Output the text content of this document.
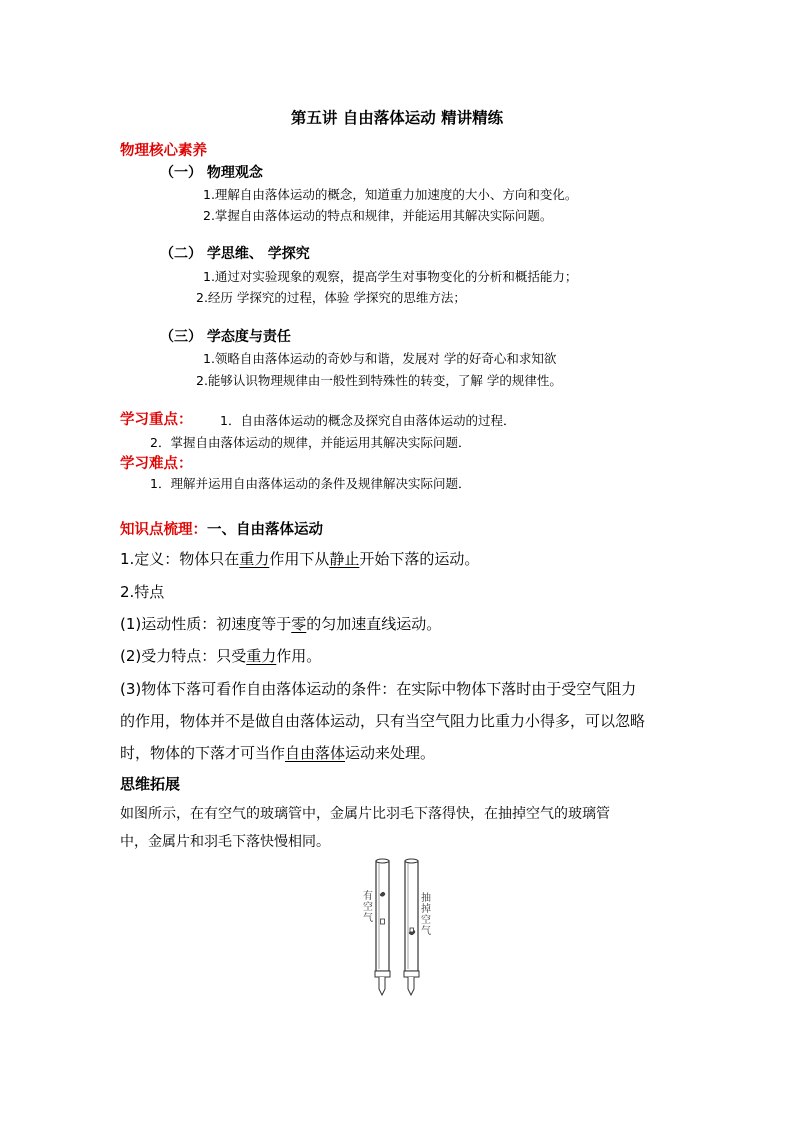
第五讲 自由落体运动 精讲精练
物理核心素养
（一） 物理观念
1.理解自由落体运动的概念，知道重力加速度的大小、方向和变化。
2.掌握自由落体运动的特点和规律，并能运用其解决实际问题。
（二） 学思维、 学探究
1.通过对实验现象的观察，提高学生对事物变化的分析和概括能力；
2.经历 学探究的过程，体验 学探究的思维方法；
（三） 学态度与责任
1.领略自由落体运动的奇妙与和谐，发展对 学的好奇心和求知欲
2.能够认识物理规律由一般性到特殊性的转变，了解 学的规律性。
学习重点： 1．自由落体运动的概念及探究自由落体运动的过程．
2．掌握自由落体运动的规律，并能运用其解决实际问题．
学习难点：
1．理解并运用自由落体运动的条件及规律解决实际问题．
知识点梳理：一、自由落体运动
1.定义：物体只在重力作用下从静止开始下落的运动。
2.特点
(1)运动性质：初速度等于零的匀加速直线运动。
(2)受力特点：只受重力作用。
(3)物体下落可看作自由落体运动的条件：在实际中物体下落时由于受空气阻力
的作用，物体并不是做自由落体运动，只有当空气阻力比重力小得多，可以忽略
时，物体的下落才可当作自由落体运动来处理。
思维拓展
如图所示，在有空气的玻璃管中，金属片比羽毛下落得快，在抽掉空气的玻璃管
中，金属片和羽毛下落快慢相同。
有空气
抽掉空气
